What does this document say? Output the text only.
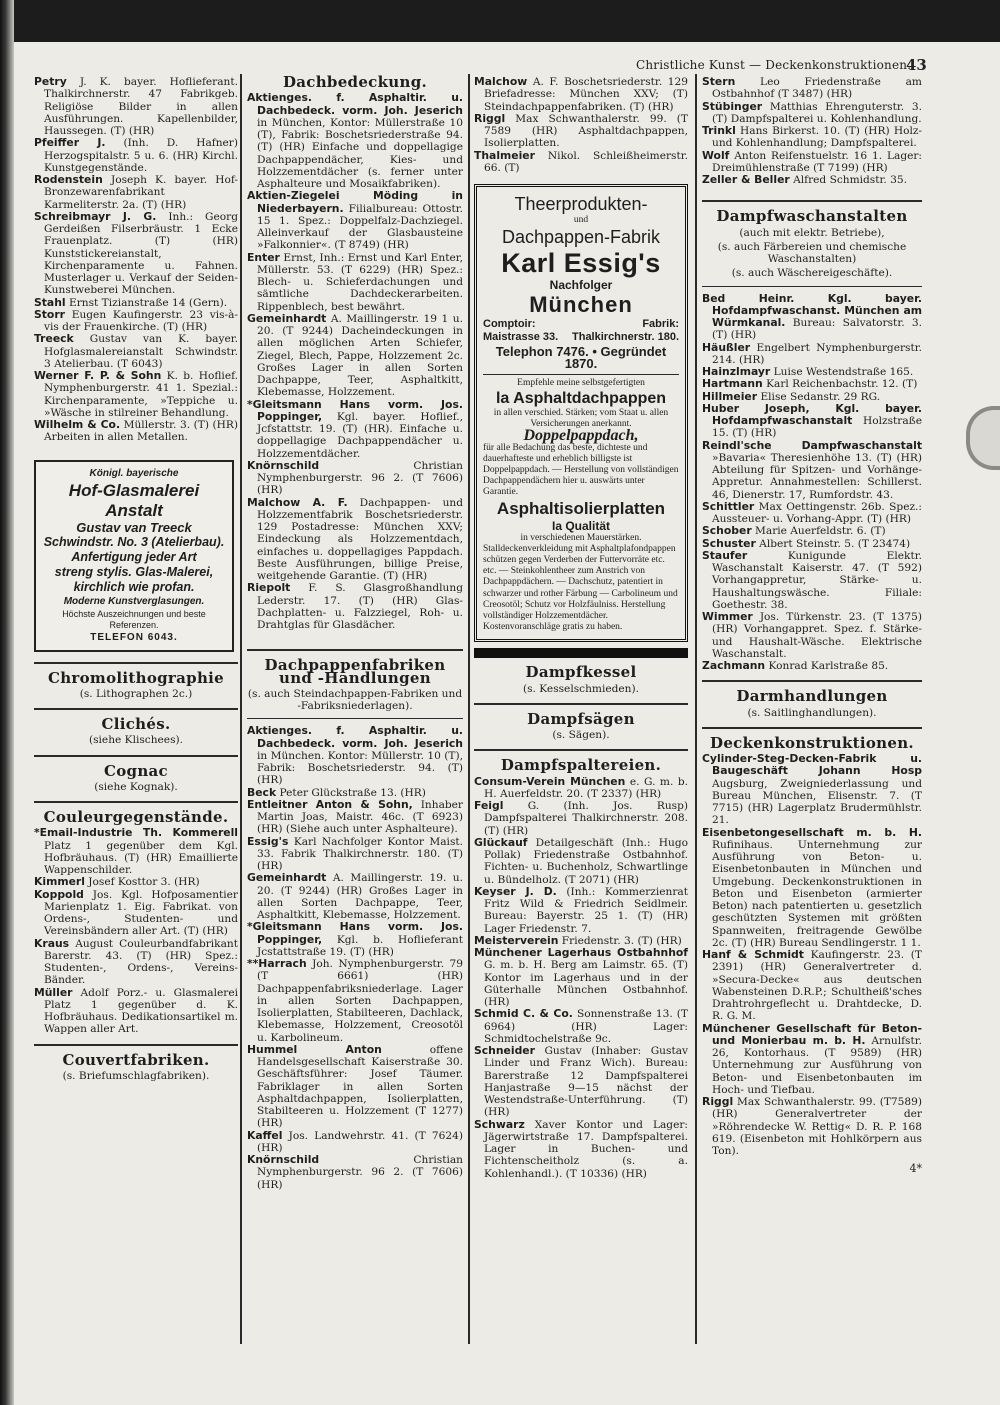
Christliche Kunst — Deckenkonstruktionen.
43

Petry J. K. bayer. Hoflieferant. Thalkirchnerstr. 47 Fabrikgeb. Religiöse Bilder in allen Ausführungen. Kapellenbilder, Haussegen. (T) (HR)

Pfeiffer J. (Inh. D. Hafner) Herzogspitalstr. 5 u. 6. (HR) Kirchl. Kunstgegenstände.

Rodenstein Joseph K. bayer. Hof-Bronzewarenfabrikant Karmeliterstr. 2a. (T) (HR)

Schreibmayr J. G. Inh.: Georg Gerdeißen Filserbräustr. 1 Ecke Frauenplatz. (T) (HR) Kunststickereianstalt, Kirchenparamente u. Fahnen. Musterlager u. Verkauf der Seiden-Kunstweberei München.

Stahl Ernst Tizianstraße 14 (Gern).

Storr Eugen Kaufingerstr. 23 vis-à-vis der Frauenkirche. (T) (HR)

Treeck Gustav van K. bayer. Hofglasmalereianstalt Schwindstr. 3 Atelierbau. (T 6043)

Werner F. P. & Sohn K. b. Hoflief. Nymphenburgerstr. 41 1. Spezial.: Kirchenparamente, »Teppiche u. »Wäsche in stilreiner Behandlung.

Wilhelm & Co. Müllerstr. 3. (T) (HR) Arbeiten in allen Metallen.

Königl. bayerische
Hof-Glasmalerei Anstalt
Gustav van Treeck
Schwindstr. No. 3 (Atelierbau).
Anfertigung jeder Art
streng stylis. Glas-Malerei,
kirchlich wie profan.
Moderne Kunstverglasungen.
Höchste Auszeichnungen und beste Referenzen.
TELEFON 6043.
Chromolithographie
(s. Lithographen 2c.)
Clichés.
(siehe Klischees).
Cognac
(siehe Kognak).
Couleurgegenstände.

*Email-Industrie Th. Kommerell Platz 1 gegenüber dem Kgl. Hofbräuhaus. (T) (HR) Emaillierte Wappenschilder.

Kimmerl Josef Kosttor 3. (HR)

Koppold Jos. Kgl. Hofposamentier Marienplatz 1. Eig. Fabrikat. von Ordens-, Studenten- und Vereinsbändern aller Art. (T) (HR)

Kraus August Couleurbandfabrikant Barerstr. 43. (T) (HR) Spez.: Studenten-, Ordens-, Vereins-Bänder.

Müller Adolf Porz.- u. Glasmalerei Platz 1 gegenüber d. K. Hofbräuhaus. Dedikationsartikel m. Wappen aller Art.

Couvertfabriken.
(s. Briefumschlagfabriken).
Dachbedeckung.

Aktienges. f. Asphaltir. u. Dachbedeck. vorm. Joh. Jeserich in München, Kontor: Müllerstraße 10 (T), Fabrik: Boschetsriederstraße 94. (T) (HR) Einfache und doppellagige Dachpappendächer, Kies- und Holzzementdächer (s. ferner unter Asphalteure und Mosaikfabriken).

Aktien-Ziegelei Möding in Niederbayern. Filialbureau: Ottostr. 15 1. Spez.: Doppelfalz-Dachziegel. Alleinverkauf der Glasbausteine »Falkonnier«. (T 8749) (HR)

Enter Ernst, Inh.: Ernst und Karl Enter, Müllerstr. 53. (T 6229) (HR) Spez.: Blech- u. Schieferdachungen und sämtliche Dachdeckerarbeiten. Rippenblech, best bewährt.

Gemeinhardt A. Maillingerstr. 19 1 u. 20. (T 9244) Dacheindeckungen in allen möglichen Arten Schiefer, Ziegel, Blech, Pappe, Holzzement 2c. Großes Lager in allen Sorten Dachpappe, Teer, Asphaltkitt, Klebemasse, Holzzement.

*Gleitsmann Hans vorm. Jos. Poppinger, Kgl. bayer. Hoflief., Jcfstattstr. 19. (T) (HR). Einfache u. doppellagige Dachpappendächer u. Holzzementdächer.

Knörnschild	Christian Nymphenburgerstr. 96 2. (T 7606) (HR)

Malchow A. F. Dachpappen- und Holzzementfabrik Boschetsriederstr. 129 Postadresse: München XXV; Eindeckung als Holzzementdach, einfaches u. doppellagiges Pappdach. Beste Ausführungen, billige Preise, weitgehende Garantie. (T) (HR)

Riepolt F. S. Glasgroßhandlung Lederstr. 17. (T) (HR) Glas-Dachplatten- u. Falzziegel, Roh- u. Drahtglas für Glasdächer.

Dachpappenfabriken und -Handlungen
(s. auch Steindachpappen-Fabriken und -Fabriksniederlagen).

Aktienges. f. Asphaltir. u. Dachbedeck. vorm. Joh. Jeserich in München. Kontor: Müllerstr. 10 (T), Fabrik: Boschetsriederstr. 94. (T) (HR)

Beck Peter Glückstraße 13. (HR)

Entleitner Anton & Sohn, Inhaber Martin Joas, Maistr. 46c. (T 6923) (HR) (Siehe auch unter Asphalteure).

Essig's Karl Nachfolger Kontor Maist. 33. Fabrik Thalkirchnerstr. 180. (T) (HR)

Gemeinhardt A. Maillingerstr. 19. u. 20. (T 9244) (HR) Großes Lager in allen Sorten Dachpappe, Teer, Asphaltkitt, Klebemasse, Holzzement.

*Gleitsmann Hans vorm. Jos. Poppinger, Kgl. b. Hoflieferant Jcstattstraße 19. (T) (HR)

**Harrach Joh. Nymphenburgerstr. 79 (T 6661) (HR) Dachpappenfabriksniederlage. Lager in allen Sorten Dachpappen, Isolierplatten, Stabilteeren, Dachlack, Klebemasse, Holzzement, Creosotöl u. Karbolineum.

Hummel Anton	offene Handelsgesellschaft Kaiserstraße 30. Geschäftsführer: Josef Täumer. Fabriklager in allen Sorten Asphaltdachpappen, Isolierplatten, Stabilteeren u. Holzzement (T 1277) (HR)

Kaffel Jos. Landwehrstr. 41. (T 7624) (HR)

Knörnschild	Christian Nymphenburgerstr. 96 2. (T 7606) (HR)

Malchow A. F. Boschetsriederstr. 129 Briefadresse: München XXV; (T) Steindachpappenfabriken. (T) (HR)

Riggl Max Schwanthalerstr. 99. (T 7589 (HR) Asphaltdachpappen, Isolierplatten.

Thalmeier Nikol. Schleißheimerstr. 66. (T)

Theerprodukten-
und
Dachpappen-Fabrik
Karl Essig's
Nachfolger
München
Comptoir:	Fabrik:
Maistrasse 33. Thalkirchnerstr. 180.
Telephon 7476. • Gegründet 1870.
Empfehle meine selbstgefertigten
la Asphaltdachpappen
in allen verschied. Stärken; vom Staat u. allen Versicherungen anerkannt.
Doppelpappdach,
für alle Bedachung das beste, dichteste und dauerhafteste und erheblich billigste ist Doppelpappdach. — Herstellung von vollständigen Dachpappendächern hier u. auswärts unter Garantie.
Asphaltisolierplatten
Ia Qualität
in verschiedenen Mauerstärken.
Stalldeckenverkleidung mit Asphaltplafondpappen schützen gegen Verderben der Futtervorräte etc. etc. — Steinkohlentheer zum Anstrich von Dachpappdächern. — Dachschutz, patentiert in schwarzer und rother Färbung — Carbolineum und Creosotöl; Schutz vor Holzfäulniss. Herstellung vollständiger Holzzementdächer. Kostenvoranschläge gratis zu haben.
Dampfkessel
(s. Kesselschmieden).
Dampfsägen
(s. Sägen).
Dampfspaltereien.

Consum-Verein München e. G. m. b. H. Auerfeldstr. 20. (T 2337) (HR)

Feigl G. (Inh. Jos. Rusp) Dampfspalterei Thalkirchnerstr. 208. (T) (HR)

Glückauf Detailgeschäft (Inh.: Hugo Pollak) Friedenstraße Ostbahnhof. Fichten- u. Buchenholz, Schwartlinge u. Bündelholz. (T 2071) (HR)

Keyser J. D. (Inh.: Kommerzienrat Fritz Wild & Friedrich Seidlmeir. Bureau: Bayerstr. 25 1. (T) (HR) Lager Friedenstr. 7.

Meisterverein Friedenstr. 3. (T) (HR)

Münchener Lagerhaus Ostbahnhof G. m. b. H. Berg am Laimstr. 65. (T) Kontor im Lagerhaus und in der Güterhalle München Ostbahnhof. (HR)

Schmid C. & Co. Sonnenstraße 13. (T 6964) (HR) Lager: Schmidtochelstraße 9c.

Schneider Gustav (Inhaber: Gustav Linder und Franz Wich). Bureau: Barerstraße 12 Dampfspalterei Hanjastraße 9—15 nächst der Westendstraße-Unterführung. (T) (HR)

Schwarz Xaver Kontor und Lager: Jägerwirtstraße 17. Dampfspalterei. Lager in Buchen- und Fichtenscheitholz (s. a. Kohlenhandl.). (T 10336) (HR)

Stern Leo Friedenstraße am Ostbahnhof (T 3487) (HR)

Stübinger Matthias Ehrenguterstr. 3. (T) Dampfspalterei u. Kohlenhandlung.

Trinkl Hans Birkerst. 10. (T) (HR) Holz- und Kohlenhandlung; Dampfspalterei.

Wolf Anton Reifenstuelstr. 16 1. Lager: Dreimühlenstraße (T 7199) (HR)

Zeller & Beller Alfred Schmidstr. 35.

Dampfwaschanstalten
(auch mit elektr. Betriebe),
(s. auch Färbereien und chemische Waschanstalten)
(s. auch Wäschereigeschäfte).

Bed Heinr. Kgl. bayer. Hofdampfwaschanst. München am Würmkanal. Bureau: Salvatorstr. 3. (T) (HR)

Häußler Engelbert Nymphenburgerstr. 214. (HR)

Hainzlmayr Luise Westendstraße 165.

Hartmann Karl Reichenbachstr. 12. (T)

Hillmeier Elise Sedanstr. 29 RG.

Huber Joseph, Kgl. bayer. Hofdampfwaschanstalt Holzstraße 15. (T) (HR)

Reindl'sche Dampfwaschanstalt »Bavaria« Theresienhöhe 13. (T) (HR) Abteilung für Spitzen- und Vorhänge-Appretur. Annahmestellen: Schillerst. 46, Dienerstr. 17, Rumfordstr. 43.

Schittler Max Oettingenstr. 26b. Spez.: Aussteuer- u. Vorhang-Appr. (T) (HR)

Schober Marie Auerfeldstr. 6. (T)

Schuster Albert Steinstr. 5. (T 23474)

Staufer	Kunigunde Elektr. Waschanstalt Kaiserstr. 47. (T 592) Vorhangappretur, Stärke- u. Haushaltungswäsche. Filiale: Goethestr. 38.

Wimmer Jos. Türkenstr. 23. (T 1375) (HR) Vorhangappret. Spez. f. Stärke- und Haushalt-Wäsche. Elektrische Waschanstalt.

Zachmann Konrad Karlstraße 85.

Darmhandlungen
(s. Saitlinghandlungen).
Deckenkonstruktionen.

Cylinder-Steg-Decken-Fabrik u. Baugeschäft Johann Hosp Augsburg, Zweigniederlassung und Bureau München, Elisenstr. 7. (T 7715) (HR) Lagerplatz Brudermühlstr. 21.

Eisenbetongesellschaft m. b. H. Rufinihaus. Unternehmung zur Ausführung von Beton- u. Eisenbetonbauten in München und Umgebung. Deckenkonstruktionen in Beton und Eisenbeton (armierter Beton) nach patentierten u. gesetzlich geschützten Systemen mit größten Spannweiten, freitragende Gewölbe 2c. (T) (HR) Bureau Sendlingerstr. 1 1.

Hanf & Schmidt Kaufingerstr. 23. (T 2391) (HR) Generalvertreter d. »Secura-Decke« aus deutschen Wabensteinen D.R.P.; Schultheiß'sches Drahtrohrgeflecht u. Drahtdecke, D. R. G. M.

Münchener Gesellschaft für Beton- und Monierbau m. b. H. Arnulfstr. 26, Kontorhaus. (T 9589) (HR) Unternehmung zur Ausführung von Beton- und Eisenbetonbauten im Hoch- und Tiefbau.

Riggl Max Schwanthalerstr. 99. (T7589) (HR) Generalvertreter der »Röhrendecke W. Rettig« D. R. P. 168 619. (Eisenbeton mit Hohlkörpern aus Ton).

4*
